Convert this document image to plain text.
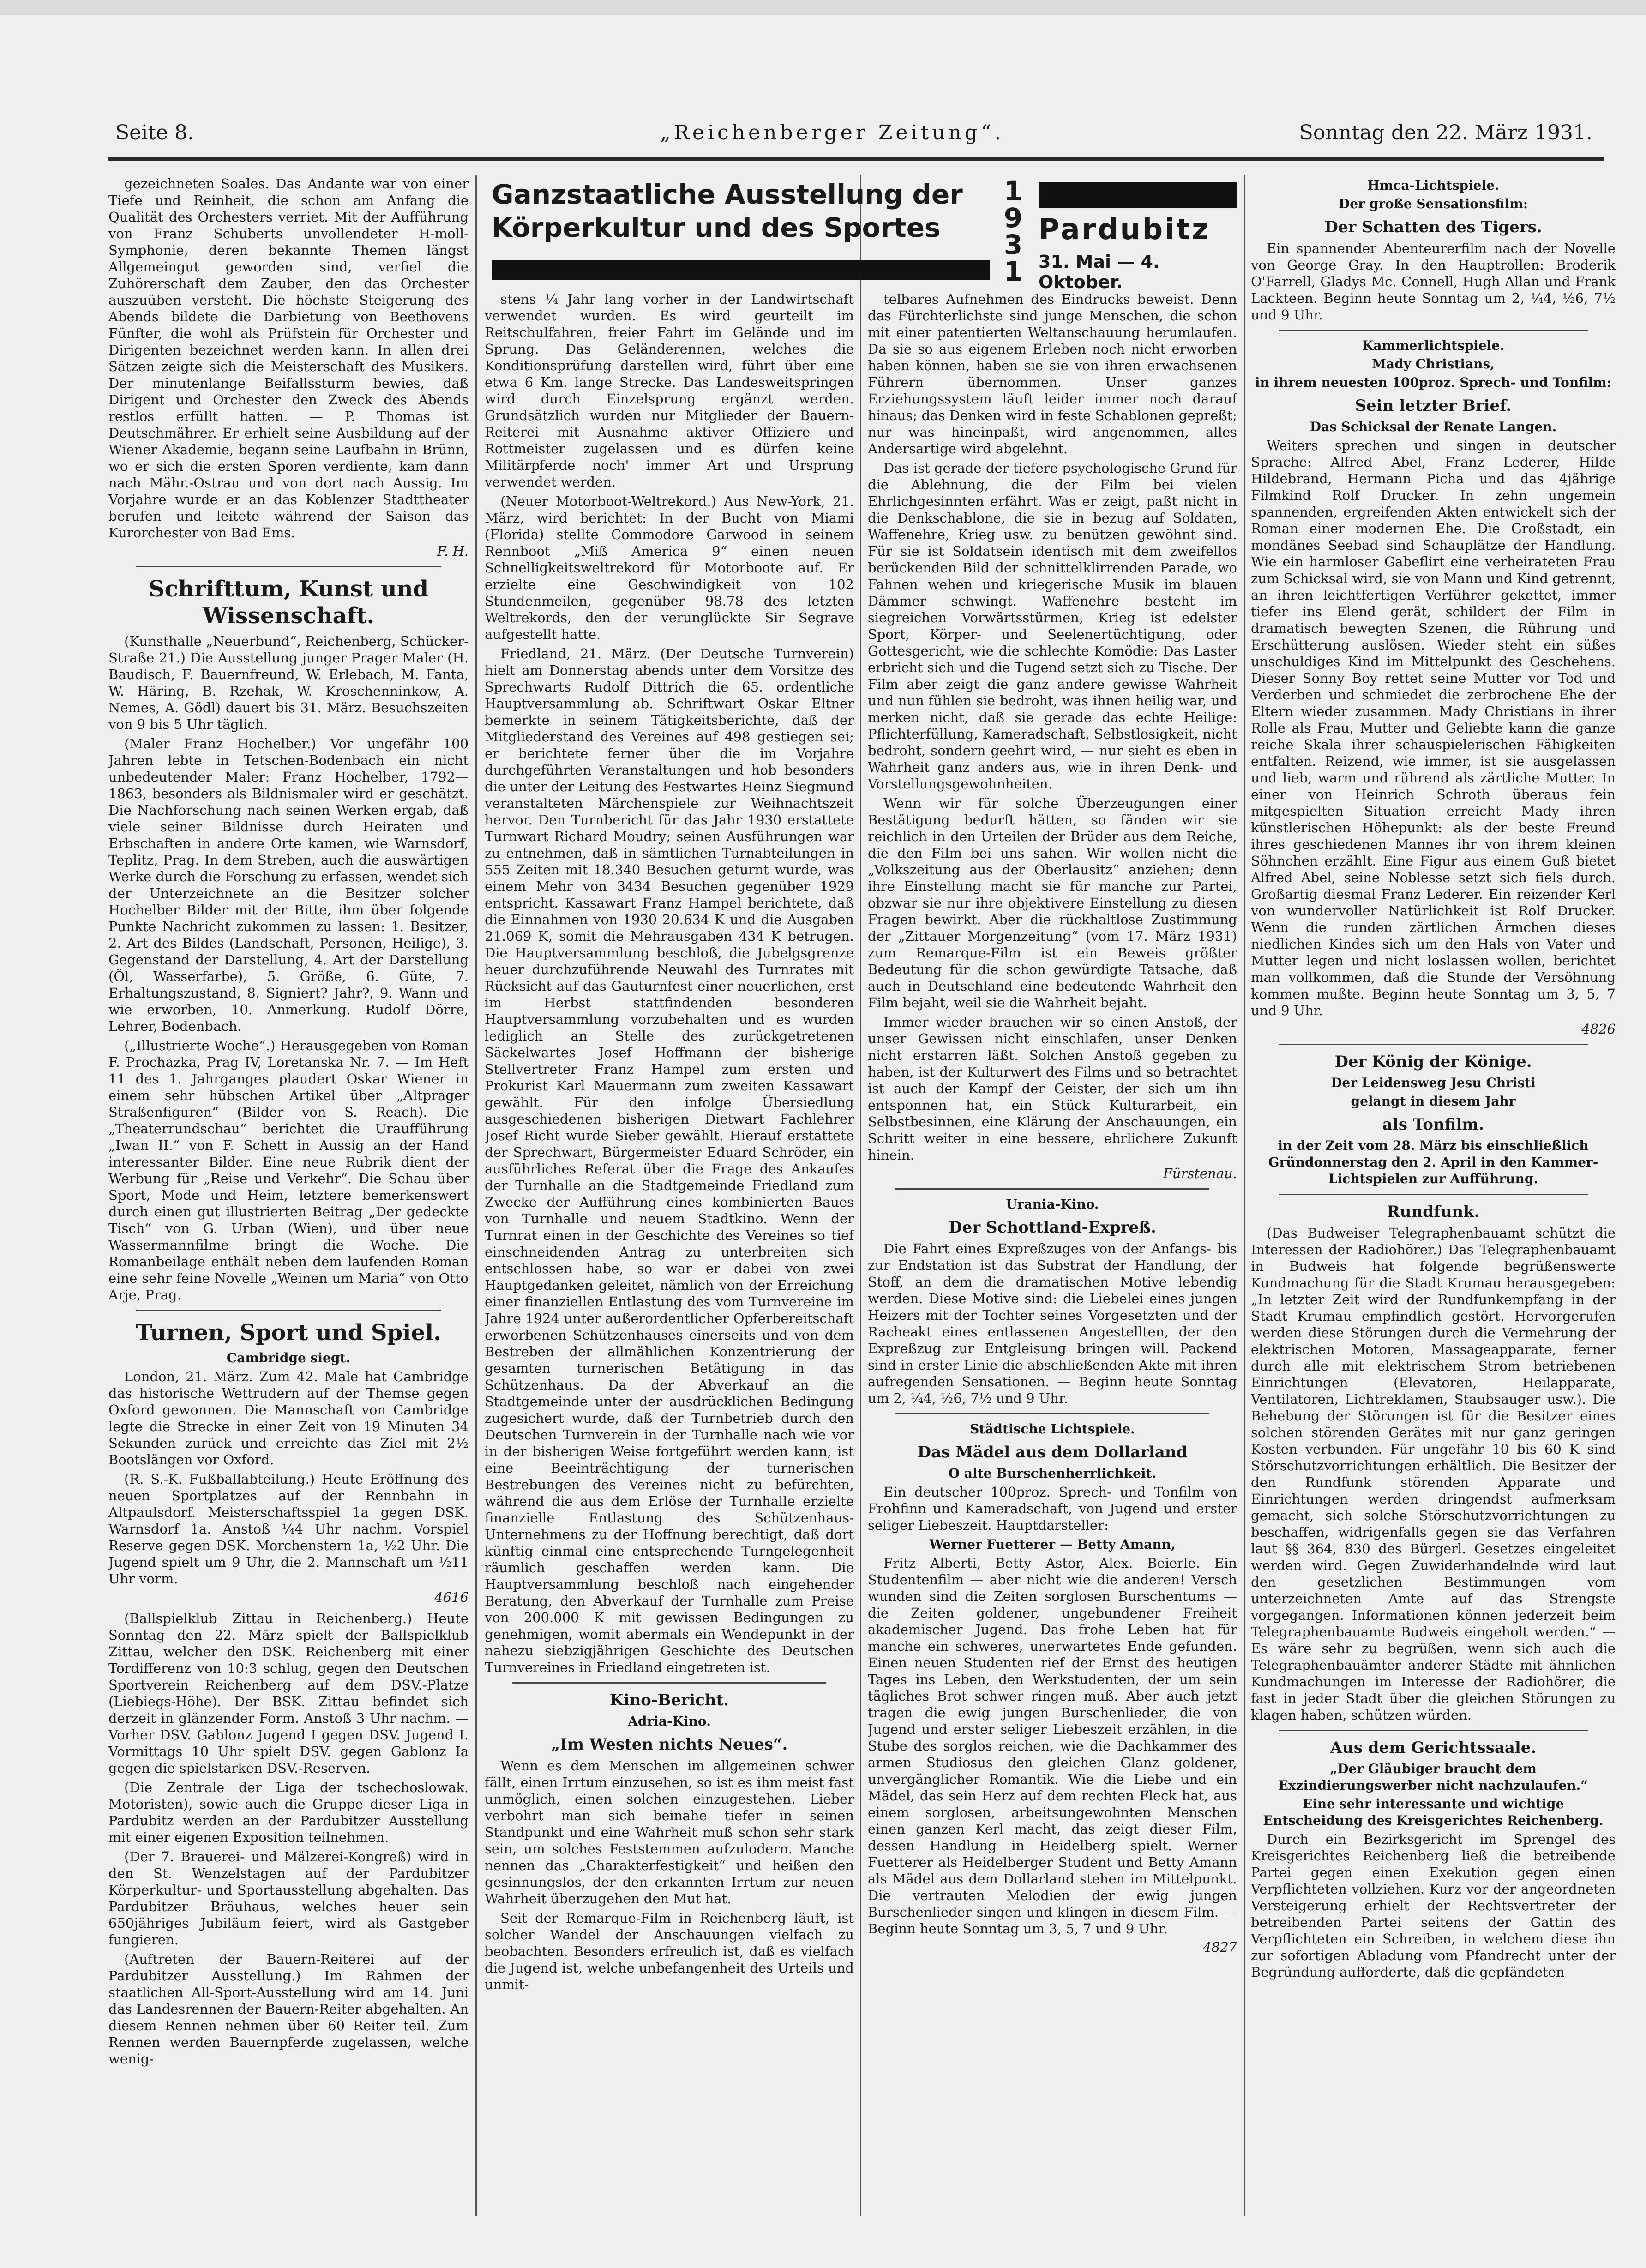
Seite 8.	„Reichenberger Zeitung“.	Sonntag den 22. März 1931.

gezeichneten Soales. Das Andante war von einer Tiefe und Reinheit, die schon am Anfang die Qualität des Orchesters verriet. Mit der Aufführung von Franz Schuberts unvollendeter H-moll-Symphonie, deren bekannte Themen längst Allgemeingut geworden sind, verfiel die Zuhörerschaft dem Zauber, den das Orchester auszuüben versteht. Die höchste Steigerung des Abends bildete die Darbietung von Beethovens Fünfter, die wohl als Prüfstein für Orchester und Dirigenten bezeichnet werden kann. In allen drei Sätzen zeigte sich die Meisterschaft des Musikers. Der minutenlange Beifallssturm bewies, daß Dirigent und Orchester den Zweck des Abends restlos erfüllt hatten. — P. Thomas ist Deutschmährer. Er erhielt seine Ausbildung auf der Wiener Akademie, begann seine Laufbahn in Brünn, wo er sich die ersten Sporen verdiente, kam dann nach Mähr.-Ostrau und von dort nach Aussig. Im Vorjahre wurde er an das Koblenzer Stadttheater berufen und leitete während der Saison das Kurorchester von Bad Ems.

F. H.

Schrifttum, Kunst und Wissenschaft.

(Kunsthalle „Neuerbund“, Reichenberg, Schücker-Straße 21.) Die Ausstellung junger Prager Maler (H. Baudisch, F. Bauernfreund, W. Erlebach, M. Fanta, W. Häring, B. Rzehak, W. Kroschenninkow, A. Nemes, A. Gödl) dauert bis 31. März. Besuchszeiten von 9 bis 5 Uhr täglich.

(Maler Franz Hochelber.) Vor ungefähr 100 Jahren lebte in Tetschen-Bodenbach ein nicht unbedeutender Maler: Franz Hochelber, 1792—1863, besonders als Bildnismaler wird er geschätzt. Die Nachforschung nach seinen Werken ergab, daß viele seiner Bildnisse durch Heiraten und Erbschaften in andere Orte kamen, wie Warnsdorf, Teplitz, Prag. In dem Streben, auch die auswärtigen Werke durch die Forschung zu erfassen, wendet sich der Unterzeichnete an die Besitzer solcher Hochelber Bilder mit der Bitte, ihm über folgende Punkte Nachricht zukommen zu lassen: 1. Besitzer, 2. Art des Bildes (Landschaft, Personen, Heilige), 3. Gegenstand der Darstellung, 4. Art der Darstellung (Öl, Wasserfarbe), 5. Größe, 6. Güte, 7. Erhaltungszustand, 8. Signiert? Jahr?, 9. Wann und wie erworben, 10. Anmerkung. Rudolf Dörre, Lehrer, Bodenbach.

(„Illustrierte Woche“.) Herausgegeben von Roman F. Prochazka, Prag IV, Loretanska Nr. 7. — Im Heft 11 des 1. Jahrganges plaudert Oskar Wiener in einem sehr hübschen Artikel über „Altprager Straßenfiguren“ (Bilder von S. Reach). Die „Theaterrundschau“ berichtet die Uraufführung „Iwan II.“ von F. Schett in Aussig an der Hand interessanter Bilder. Eine neue Rubrik dient der Werbung für „Reise und Verkehr“. Die Schau über Sport, Mode und Heim, letztere bemerkenswert durch einen gut illustrierten Beitrag „Der gedeckte Tisch“ von G. Urban (Wien), und über neue Wassermannfilme bringt die Woche. Die Romanbeilage enthält neben dem laufenden Roman eine sehr feine Novelle „Weinen um Maria“ von Otto Arje, Prag.

Turnen, Sport und Spiel.

Cambridge siegt.

London, 21. März. Zum 42. Male hat Cambridge das historische Wettrudern auf der Themse gegen Oxford gewonnen. Die Mannschaft von Cambridge legte die Strecke in einer Zeit von 19 Minuten 34 Sekunden zurück und erreichte das Ziel mit 2½ Bootslängen vor Oxford.

(R. S.-K. Fußballabteilung.) Heute Eröffnung des neuen Sportplatzes auf der Rennbahn in Altpaulsdorf. Meisterschaftsspiel 1a gegen DSK. Warnsdorf 1a. Anstoß ¼4 Uhr nachm. Vorspiel Reserve gegen DSK. Morchenstern 1a, ½2 Uhr. Die Jugend spielt um 9 Uhr, die 2. Mannschaft um ½11 Uhr vorm.

4616

(Ballspielklub Zittau in Reichenberg.) Heute Sonntag den 22. März spielt der Ballspielklub Zittau, welcher den DSK. Reichenberg mit einer Tordifferenz von 10:3 schlug, gegen den Deutschen Sportverein Reichenberg auf dem DSV.-Platze (Liebiegs-Höhe). Der BSK. Zittau befindet sich derzeit in glänzender Form. Anstoß 3 Uhr nachm. — Vorher DSV. Gablonz Jugend I gegen DSV. Jugend I. Vormittags 10 Uhr spielt DSV. gegen Gablonz Ia gegen die spielstarken DSV.-Reserven.

(Die Zentrale der Liga der tschechoslowak. Motoristen), sowie auch die Gruppe dieser Liga in Pardubitz werden an der Pardubitzer Ausstellung mit einer eigenen Exposition teilnehmen.

(Der 7. Brauerei- und Mälzerei-Kongreß) wird in den St. Wenzelstagen auf der Pardubitzer Körperkultur- und Sportausstellung abgehalten. Das Pardubitzer Bräuhaus, welches heuer sein 650jähriges Jubiläum feiert, wird als Gastgeber fungieren.

(Auftreten der Bauern-Reiterei auf der Pardubitzer Ausstellung.) Im Rahmen der staatlichen All-Sport-Ausstellung wird am 14. Juni das Landesrennen der Bauern-Reiter abgehalten. An diesem Rennen nehmen über 60 Reiter teil. Zum Rennen werden Bauernpferde zugelassen, welche wenig-

Ganzstaatliche Ausstellung der Körperkultur und des Sportes
1
9
3
1
Pardubitz
31. Mai — 4. Oktober.

stens ¼ Jahr lang vorher in der Landwirtschaft verwendet wurden. Es wird geurteilt im Reitschulfahren, freier Fahrt im Gelände und im Sprung. Das Geländerennen, welches die Konditionsprüfung darstellen wird, führt über eine etwa 6 Km. lange Strecke. Das Landesweitspringen wird durch Einzelsprung ergänzt werden. Grundsätzlich wurden nur Mitglieder der Bauern-Reiterei mit Ausnahme aktiver Offiziere und Rottmeister zugelassen und es dürfen keine Militärpferde noch' immer Art und Ursprung verwendet werden.

(Neuer Motorboot-Weltrekord.) Aus New-York, 21. März, wird berichtet: In der Bucht von Miami (Florida) stellte Commodore Garwood in seinem Rennboot „Miß America 9“ einen neuen Schnelligkeitsweltrekord für Motorboote auf. Er erzielte eine Geschwindigkeit von 102 Stundenmeilen, gegenüber 98.78 des letzten Weltrekords, den der verunglückte Sir Segrave aufgestellt hatte.

Friedland, 21. März. (Der Deutsche Turnverein) hielt am Donnerstag abends unter dem Vorsitze des Sprechwarts Rudolf Dittrich die 65. ordentliche Hauptversammlung ab. Schriftwart Oskar Eltner bemerkte in seinem Tätigkeitsberichte, daß der Mitgliederstand des Vereines auf 498 gestiegen sei; er berichtete ferner über die im Vorjahre durchgeführten Veranstaltungen und hob besonders die unter der Leitung des Festwartes Heinz Siegmund veranstalteten Märchenspiele zur Weihnachtszeit hervor. Den Turnbericht für das Jahr 1930 erstattete Turnwart Richard Moudry; seinen Ausführungen war zu entnehmen, daß in sämtlichen Turnabteilungen in 555 Zeiten mit 18.340 Besuchen geturnt wurde, was einem Mehr von 3434 Besuchen gegenüber 1929 entspricht. Kassawart Franz Hampel berichtete, daß die Einnahmen von 1930 20.634 K und die Ausgaben 21.069 K, somit die Mehrausgaben 434 K betrugen. Die Hauptversammlung beschloß, die Jubelgsgrenze heuer durchzuführende Neuwahl des Turnrates mit Rücksicht auf das Gauturnfest einer neuerlichen, erst im Herbst stattfindenden besonderen Hauptversammlung vorzubehalten und es wurden lediglich an Stelle des zurückgetretenen Säckelwartes Josef Hoffmann der bisherige Stellvertreter Franz Hampel zum ersten und Prokurist Karl Mauermann zum zweiten Kassawart gewählt. Für den infolge Übersiedlung ausgeschiedenen bisherigen Dietwart Fachlehrer Josef Richt wurde Sieber gewählt. Hierauf erstattete der Sprechwart, Bürgermeister Eduard Schröder, ein ausführliches Referat über die Frage des Ankaufes der Turnhalle an die Stadtgemeinde Friedland zum Zwecke der Aufführung eines kombinierten Baues von Turnhalle und neuem Stadtkino. Wenn der Turnrat einen in der Geschichte des Vereines so tief einschneidenden Antrag zu unterbreiten sich entschlossen habe, so war er dabei von zwei Hauptgedanken geleitet, nämlich von der Erreichung einer finanziellen Entlastung des vom Turnvereine im Jahre 1924 unter außerordentlicher Opferbereitschaft erworbenen Schützenhauses einerseits und von dem Bestreben der allmählichen Konzentrierung der gesamten turnerischen Betätigung in das Schützenhaus. Da der Abverkauf an die Stadtgemeinde unter der ausdrücklichen Bedingung zugesichert wurde, daß der Turnbetrieb durch den Deutschen Turnverein in der Turnhalle nach wie vor in der bisherigen Weise fortgeführt werden kann, ist eine Beeinträchtigung der turnerischen Bestrebungen des Vereines nicht zu befürchten, während die aus dem Erlöse der Turnhalle erzielte finanzielle Entlastung des Schützenhaus-Unternehmens zu der Hoffnung berechtigt, daß dort künftig einmal eine entsprechende Turngelegenheit räumlich geschaffen werden kann. Die Hauptversammlung beschloß nach eingehender Beratung, den Abverkauf der Turnhalle zum Preise von 200.000 K mit gewissen Bedingungen zu genehmigen, womit abermals ein Wendepunkt in der nahezu siebzigjährigen Geschichte des Deutschen Turnvereines in Friedland eingetreten ist.

Kino-Bericht.

Adria-Kino.

„Im Westen nichts Neues“.

Wenn es dem Menschen im allgemeinen schwer fällt, einen Irrtum einzusehen, so ist es ihm meist fast unmöglich, einen solchen einzugestehen. Lieber verbohrt man sich beinahe tiefer in seinen Standpunkt und eine Wahrheit muß schon sehr stark sein, um solches Feststemmen aufzulodern. Manche nennen das „Charakterfestigkeit“ und heißen den gesinnungslos, der den erkannten Irrtum zur neuen Wahrheit überzugehen den Mut hat.

Seit der Remarque-Film in Reichenberg läuft, ist solcher Wandel der Anschauungen vielfach zu beobachten. Besonders erfreulich ist, daß es vielfach die Jugend ist, welche unbefangenheit des Urteils und unmit-

telbares Aufnehmen des Eindrucks beweist. Denn das Fürchterlichste sind junge Menschen, die schon mit einer patentierten Weltanschauung herumlaufen. Da sie so aus eigenem Erleben noch nicht erworben haben können, haben sie sie von ihren erwachsenen Führern übernommen. Unser ganzes Erziehungssystem läuft leider immer noch darauf hinaus; das Denken wird in feste Schablonen gepreßt; nur was hineinpaßt, wird angenommen, alles Andersartige wird abgelehnt.

Das ist gerade der tiefere psychologische Grund für die Ablehnung, die der Film bei vielen Ehrlichgesinnten erfährt. Was er zeigt, paßt nicht in die Denkschablone, die sie in bezug auf Soldaten, Waffenehre, Krieg usw. zu benützen gewöhnt sind. Für sie ist Soldatsein identisch mit dem zweifellos berückenden Bild der schnittelklirrenden Parade, wo Fahnen wehen und kriegerische Musik im blauen Dämmer schwingt. Waffenehre besteht im siegreichen Vorwärtsstürmen, Krieg ist edelster Sport, Körper- und Seelenertüchtigung, oder Gottesgericht, wie die schlechte Komödie: Das Laster erbricht sich und die Tugend setzt sich zu Tische. Der Film aber zeigt die ganz andere gewisse Wahrheit und nun fühlen sie bedroht, was ihnen heilig war, und merken nicht, daß sie gerade das echte Heilige: Pflichterfüllung, Kameradschaft, Selbstlosigkeit, nicht bedroht, sondern geehrt wird, — nur sieht es eben in Wahrheit ganz anders aus, wie in ihren Denk- und Vorstellungsgewohnheiten.

Wenn wir für solche Überzeugungen einer Bestätigung bedurft hätten, so fänden wir sie reichlich in den Urteilen der Brüder aus dem Reiche, die den Film bei uns sahen. Wir wollen nicht die „Volkszeitung aus der Oberlausitz“ anziehen; denn ihre Einstellung macht sie für manche zur Partei, obzwar sie nur ihre objektivere Einstellung zu diesen Fragen bewirkt. Aber die rückhaltlose Zustimmung der „Zittauer Morgenzeitung“ (vom 17. März 1931) zum Remarque-Film ist ein Beweis größter Bedeutung für die schon gewürdigte Tatsache, daß auch in Deutschland eine bedeutende Wahrheit den Film bejaht, weil sie die Wahrheit bejaht.

Immer wieder brauchen wir so einen Anstoß, der unser Gewissen nicht einschlafen, unser Denken nicht erstarren läßt. Solchen Anstoß gegeben zu haben, ist der Kulturwert des Films und so betrachtet ist auch der Kampf der Geister, der sich um ihn entsponnen hat, ein Stück Kulturarbeit, ein Selbstbesinnen, eine Klärung der Anschauungen, ein Schritt weiter in eine bessere, ehrlichere Zukunft hinein.

Fürstenau.

Urania-Kino.

Der Schottland-Expreß.

Die Fahrt eines Expreßzuges von der Anfangs- bis zur Endstation ist das Substrat der Handlung, der Stoff, an dem die dramatischen Motive lebendig werden. Diese Motive sind: die Liebelei eines jungen Heizers mit der Tochter seines Vorgesetzten und der Racheakt eines entlassenen Angestellten, der den Expreßzug zur Entgleisung bringen will. Packend sind in erster Linie die abschließenden Akte mit ihren aufregenden Sensationen. — Beginn heute Sonntag um 2, ¼4, ½6, 7½ und 9 Uhr.

Städtische Lichtspiele.

Das Mädel aus dem Dollarland

O alte Burschenherrlichkeit.

Ein deutscher 100proz. Sprech- und Tonfilm von Frohfinn und Kameradschaft, von Jugend und erster seliger Liebeszeit. Hauptdarsteller:

Werner Fuetterer — Betty Amann,

Fritz Alberti, Betty Astor, Alex. Beierle. Ein Studentenfilm — aber nicht wie die anderen! Versch wunden sind die Zeiten sorglosen Burschentums — die Zeiten goldener, ungebundener Freiheit akademischer Jugend. Das frohe Leben hat für manche ein schweres, unerwartetes Ende gefunden. Einen neuen Studenten rief der Ernst des heutigen Tages ins Leben, den Werkstudenten, der um sein tägliches Brot schwer ringen muß. Aber auch jetzt tragen die ewig jungen Burschenlieder, die von Jugend und erster seliger Liebeszeit erzählen, in die Stube des sorglos reichen, wie die Dachkammer des armen Studiosus den gleichen Glanz goldener, unvergänglicher Romantik. Wie die Liebe und ein Mädel, das sein Herz auf dem rechten Fleck hat, aus einem sorglosen, arbeitsungewohnten Menschen einen ganzen Kerl macht, das zeigt dieser Film, dessen Handlung in Heidelberg spielt. Werner Fuetterer als Heidelberger Student und Betty Amann als Mädel aus dem Dollarland stehen im Mittelpunkt. Die vertrauten Melodien der ewig jungen Burschenlieder singen und klingen in diesem Film. — Beginn heute Sonntag um 3, 5, 7 und 9 Uhr.

4827

Hmca-Lichtspiele.

Der große Sensationsfilm:

Der Schatten des Tigers.

Ein spannender Abenteurerfilm nach der Novelle von George Gray. In den Hauptrollen: Broderik O'Farrell, Gladys Mc. Connell, Hugh Allan und Frank Lackteen. Beginn heute Sonntag um 2, ¼4, ½6, 7½ und 9 Uhr.

Kammerlichtspiele.

Mady Christians,

in ihrem neuesten 100proz. Sprech- und Tonfilm:

Sein letzter Brief.

Das Schicksal der Renate Langen.

Weiters sprechen und singen in deutscher Sprache: Alfred Abel, Franz Lederer, Hilde Hildebrand, Hermann Picha und das 4jährige Filmkind Rolf Drucker. In zehn ungemein spannenden, ergreifenden Akten entwickelt sich der Roman einer modernen Ehe. Die Großstadt, ein mondänes Seebad sind Schauplätze der Handlung. Wie ein harmloser Gabeflirt eine verheirateten Frau zum Schicksal wird, sie von Mann und Kind getrennt, an ihren leichtfertigen Verführer gekettet, immer tiefer ins Elend gerät, schildert der Film in dramatisch bewegten Szenen, die Rührung und Erschütterung auslösen. Wieder steht ein süßes unschuldiges Kind im Mittelpunkt des Geschehens. Dieser Sonny Boy rettet seine Mutter vor Tod und Verderben und schmiedet die zerbrochene Ehe der Eltern wieder zusammen. Mady Christians in ihrer Rolle als Frau, Mutter und Geliebte kann die ganze reiche Skala ihrer schauspielerischen Fähigkeiten entfalten. Reizend, wie immer, ist sie ausgelassen und lieb, warm und rührend als zärtliche Mutter. In einer von Heinrich Schroth überaus fein mitgespielten Situation erreicht Mady ihren künstlerischen Höhepunkt: als der beste Freund ihres geschiedenen Mannes ihr von ihrem kleinen Söhnchen erzählt. Eine Figur aus einem Guß bietet Alfred Abel, seine Noblesse setzt sich fiels durch. Großartig diesmal Franz Lederer. Ein reizender Kerl von wundervoller Natürlichkeit ist Rolf Drucker. Wenn die runden zärtlichen Ärmchen dieses niedlichen Kindes sich um den Hals von Vater und Mutter legen und nicht loslassen wollen, berichtet man vollkommen, daß die Stunde der Versöhnung kommen mußte. Beginn heute Sonntag um 3, 5, 7 und 9 Uhr.

4826

Der König der Könige.

Der Leidensweg Jesu Christi

gelangt in diesem Jahr

als Tonfilm.

in der Zeit vom 28. März bis einschließlich Gründonnerstag den 2. April in den Kammer-Lichtspielen zur Aufführung.

Rundfunk.

(Das Budweiser Telegraphenbauamt schützt die Interessen der Radiohörer.) Das Telegraphenbauamt in Budweis hat folgende begrüßenswerte Kundmachung für die Stadt Krumau herausgegeben: „In letzter Zeit wird der Rundfunkempfang in der Stadt Krumau empfindlich gestört. Hervorgerufen werden diese Störungen durch die Vermehrung der elektrischen Motoren, Massageapparate, ferner durch alle mit elektrischem Strom betriebenen Einrichtungen (Elevatoren, Heilapparate, Ventilatoren, Lichtreklamen, Staubsauger usw.). Die Behebung der Störungen ist für die Besitzer eines solchen störenden Gerätes mit nur ganz geringen Kosten verbunden. Für ungefähr 10 bis 60 K sind Störschutzvorrichtungen erhältlich. Die Besitzer der den Rundfunk störenden Apparate und Einrichtungen werden dringendst aufmerksam gemacht, sich solche Störschutzvorrichtungen zu beschaffen, widrigenfalls gegen sie das Verfahren laut §§ 364, 830 des Bürgerl. Gesetzes eingeleitet werden wird. Gegen Zuwiderhandelnde wird laut den gesetzlichen Bestimmungen vom unterzeichneten Amte auf das Strengste vorgegangen. Informationen können jederzeit beim Telegraphenbauamte Budweis eingeholt werden.“ — Es wäre sehr zu begrüßen, wenn sich auch die Telegraphenbauämter anderer Städte mit ähnlichen Kundmachungen im Interesse der Radiohörer, die fast in jeder Stadt über die gleichen Störungen zu klagen haben, schützen würden.

Aus dem Gerichtssaale.

„Der Gläubiger braucht dem Exzindierungswerber nicht nachzulaufen.“

Eine sehr interessante und wichtige Entscheidung des Kreisgerichtes Reichenberg.

Durch ein Bezirksgericht im Sprengel des Kreisgerichtes Reichenberg ließ die betreibende Partei gegen einen Exekution gegen einen Verpflichteten vollziehen. Kurz vor der angeordneten Versteigerung erhielt der Rechtsvertreter der betreibenden Partei seitens der Gattin des Verpflichteten ein Schreiben, in welchem diese ihn zur sofortigen Abladung vom Pfandrecht unter der Begründung aufforderte, daß die gepfändeten
